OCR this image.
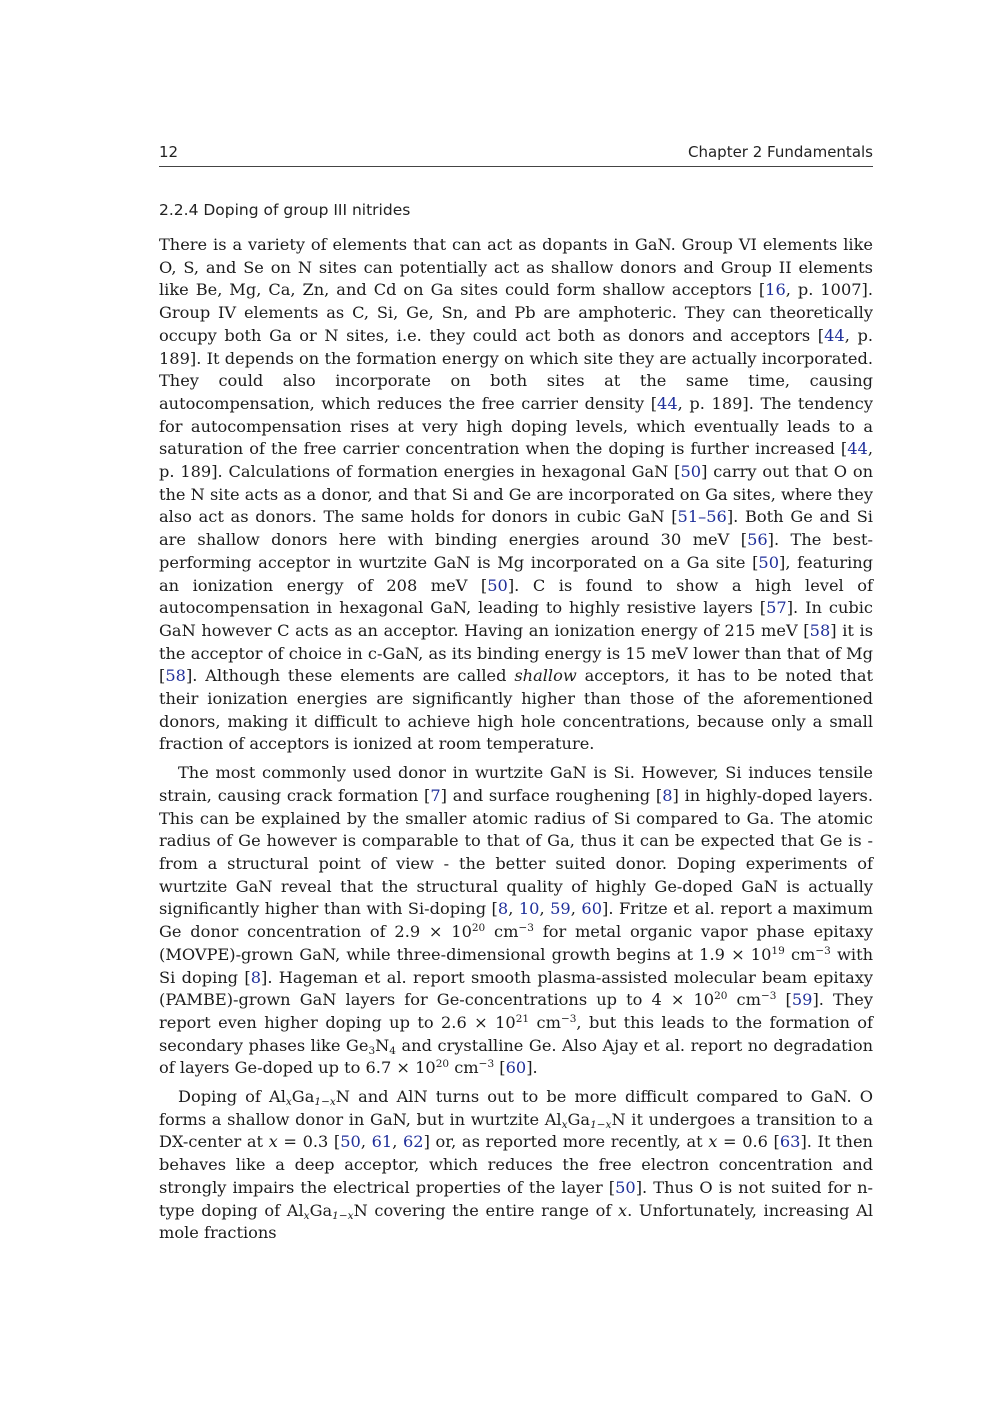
12	Chapter 2 Fundamentals
2.2.4 Doping of group III nitrides

There is a variety of elements that can act as dopants in GaN. Group VI elements like O, S, and Se on N sites can potentially act as shallow donors and Group II elements like Be, Mg, Ca, Zn, and Cd on Ga sites could form shallow acceptors [16, p. 1007]. Group IV elements as C, Si, Ge, Sn, and Pb are amphoteric. They can theoretically occupy both Ga or N sites, i.e. they could act both as donors and acceptors [44, p. 189]. It depends on the formation energy on which site they are actually incorporated. They could also incorporate on both sites at the same time, causing autocompensation, which reduces the free carrier density [44, p. 189]. The tendency for autocompensation rises at very high doping levels, which eventually leads to a saturation of the free carrier concentration when the doping is further increased [44, p. 189]. Calculations of formation energies in hexagonal GaN [50] carry out that O on the N site acts as a donor, and that Si and Ge are incorporated on Ga sites, where they also act as donors. The same holds for donors in cubic GaN [51–56]. Both Ge and Si are shallow donors here with binding energies around 30 meV [56]. The best-performing acceptor in wurtzite GaN is Mg incorporated on a Ga site [50], featuring an ionization energy of 208 meV [50]. C is found to show a high level of autocompensation in hexagonal GaN, leading to highly resistive layers [57]. In cubic GaN however C acts as an acceptor. Having an ionization energy of 215 meV [58] it is the acceptor of choice in c-GaN, as its binding energy is 15 meV lower than that of Mg [58]. Although these elements are called shallow acceptors, it has to be noted that their ionization energies are significantly higher than those of the aforementioned donors, making it difficult to achieve high hole concentrations, because only a small fraction of acceptors is ionized at room temperature.

The most commonly used donor in wurtzite GaN is Si. However, Si induces tensile strain, causing crack formation [7] and surface roughening [8] in highly-doped layers. This can be explained by the smaller atomic radius of Si compared to Ga. The atomic radius of Ge however is comparable to that of Ga, thus it can be expected that Ge is - from a structural point of view - the better suited donor. Doping experiments of wurtzite GaN reveal that the structural quality of highly Ge-doped GaN is actually significantly higher than with Si-doping [8, 10, 59, 60]. Fritze et al. report a maximum Ge donor concentration of $2.9 \times 10^{20}$ $cm^{-3}$ for metal organic vapor phase epitaxy (MOVPE)-grown GaN, while three-dimensional growth begins at $1.9 \times 10^{19}$ $cm^{-3}$ with Si doping [8]. Hageman et al. report smooth plasma-assisted molecular beam epitaxy (PAMBE)-grown GaN layers for Ge-concentrations up to $4 \times 10^{20}$ $cm^{-3}$ [59]. They report even higher doping up to $2.6 \times 10^{21}$ $cm^{-3}$, but this leads to the formation of secondary phases like $Ge_3N_4$ and crystalline Ge. Also Ajay et al. report no degradation of layers Ge-doped up to $6.7 \times 10^{20}$ $cm^{-3}$ [60].

Doping of $Al_xGa_{1-x}N$ and AlN turns out to be more difficult compared to GaN. O forms a shallow donor in GaN, but in wurtzite $Al_xGa_{1-x}N$ it undergoes a transition to a DX-center at x = 0.3 [50, 61, 62] or, as reported more recently, at x = 0.6 [63]. It then behaves like a deep acceptor, which reduces the free electron concentration and strongly impairs the electrical properties of the layer [50]. Thus O is not suited for n-type doping of $Al_xGa_{1-x}N$ covering the entire range of x. Unfortunately, increasing Al mole fractions
